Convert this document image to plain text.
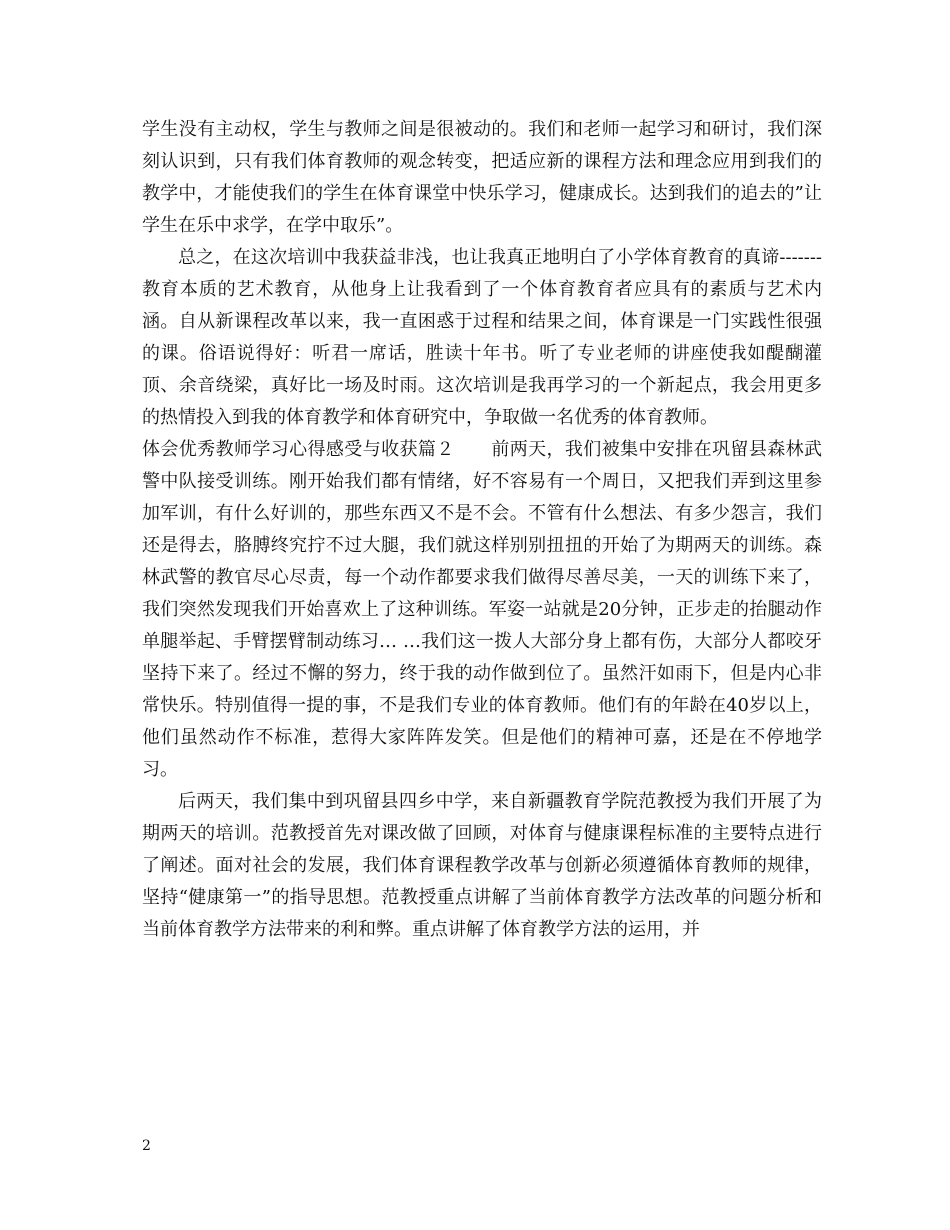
学生没有主动权，学生与教师之间是很被动的。我们和老师一起学习和研讨，我们深刻认识到，只有我们体育教师的观念转变，把适应新的课程方法和理念应用到我们的教学中，才能使我们的学生在体育课堂中快乐学习，健康成长。达到我们的追去的”让学生在乐中求学，在学中取乐”。

总之，在这次培训中我获益非浅，也让我真正地明白了小学体育教育的真谛-------教育本质的艺术教育，从他身上让我看到了一个体育教育者应具有的素质与艺术内涵。自从新课程改革以来，我一直困惑于过程和结果之间，体育课是一门实践性很强的课。俗语说得好：听君一席话，胜读十年书。听了专业老师的讲座使我如醍醐灌顶、余音绕梁，真好比一场及时雨。这次培训是我再学习的一个新起点，我会用更多的热情投入到我的体育教学和体育研究中，争取做一名优秀的体育教师。

体会优秀教师学习心得感受与收获篇２ 前两天，我们被集中安排在巩留县森林武警中队接受训练。刚开始我们都有情绪，好不容易有一个周日，又把我们弄到这里参加军训，有什么好训的，那些东西又不是不会。不管有什么想法、有多少怨言，我们还是得去，胳膊终究拧不过大腿，我们就这样别别扭扭的开始了为期两天的训练。森林武警的教官尽心尽责，每一个动作都要求我们做得尽善尽美，一天的训练下来了，我们突然发现我们开始喜欢上了这种训练。军姿一站就是20分钟，正步走的抬腿动作单腿举起、手臂摆臂制动练习… …我们这一拨人大部分身上都有伤，大部分人都咬牙坚持下来了。经过不懈的努力，终于我的动作做到位了。虽然汗如雨下，但是内心非常快乐。特别值得一提的事，不是我们专业的体育教师。他们有的年龄在40岁以上，他们虽然动作不标准，惹得大家阵阵发笑。但是他们的精神可嘉，还是在不停地学习。

后两天，我们集中到巩留县四乡中学，来自新疆教育学院范教授为我们开展了为期两天的培训。范教授首先对课改做了回顾，对体育与健康课程标准的主要特点进行了阐述。面对社会的发展，我们体育课程教学改革与创新必须遵循体育教师的规律，坚持“健康第一”的指导思想。范教授重点讲解了当前体育教学方法改革的问题分析和当前体育教学方法带来的利和弊。重点讲解了体育教学方法的运用，并

2
